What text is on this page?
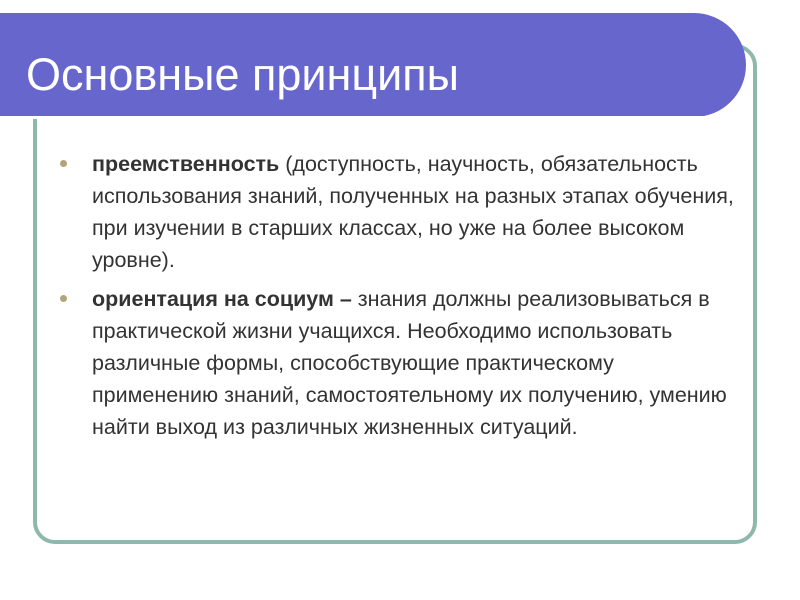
Основные принципы
преемственность (доступность, научность, обязательность использования знаний, полученных на разных этапах обучения, при изучении в старших классах, но уже на более высоком уровне).
ориентация на социум – знания должны реализовываться в практической жизни учащихся. Необходимо использовать различные формы, способствующие практическому применению знаний, самостоятельному их получению, умению найти выход из различных жизненных ситуаций.
